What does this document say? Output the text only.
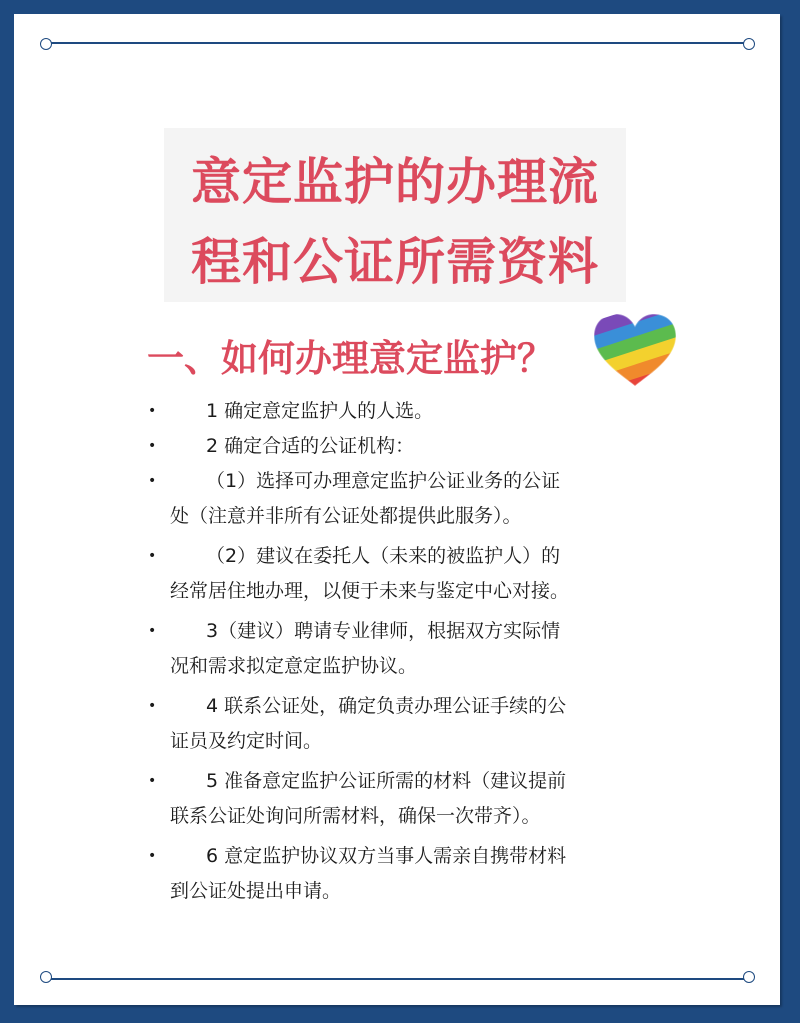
意定监护的办理流
程和公证所需资料
一、如何办理意定监护？
•	1 确定意定监护人的人选。
•	2 确定合适的公证机构：
•	（1）选择可办理意定监护公证业务的公证
处（注意并非所有公证处都提供此服务）。
•	（2）建议在委托人（未来的被监护人）的
经常居住地办理，以便于未来与鉴定中心对接。
•	3（建议）聘请专业律师，根据双方实际情
况和需求拟定意定监护协议。
•	4 联系公证处，确定负责办理公证手续的公
证员及约定时间。
•	5 准备意定监护公证所需的材料（建议提前
联系公证处询问所需材料，确保一次带齐）。
•	6 意定监护协议双方当事人需亲自携带材料
到公证处提出申请。
